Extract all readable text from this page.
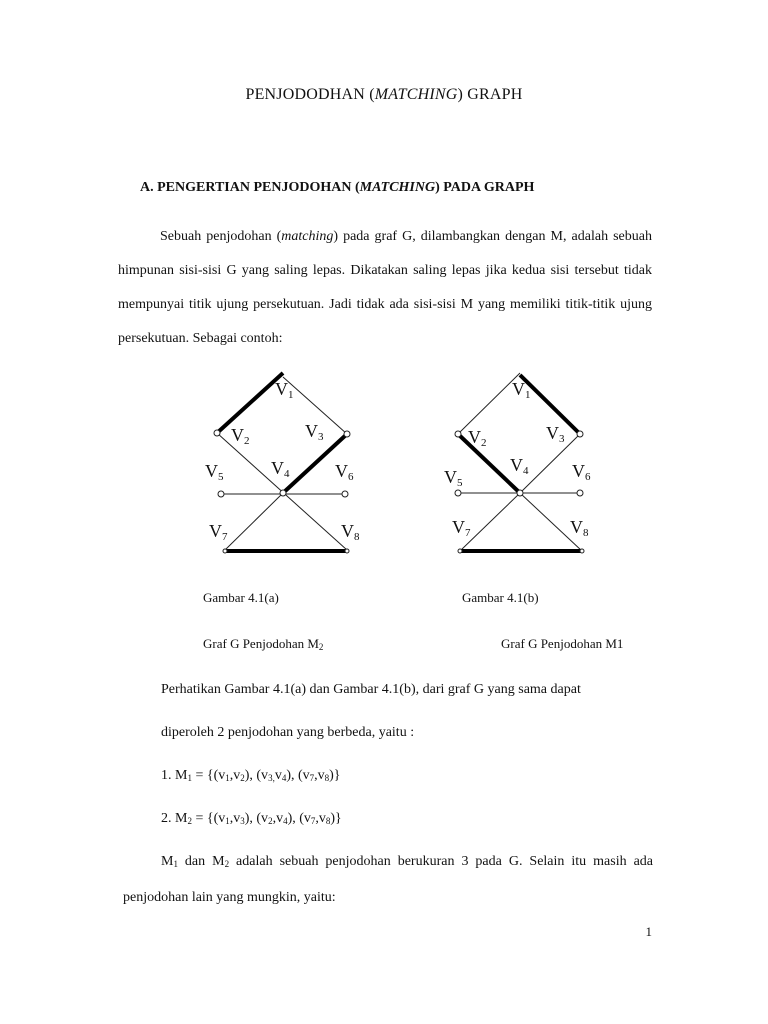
PENJODODHAN (MATCHING) GRAPH
A. PENGERTIAN PENJODOHAN (MATCHING) PADA GRAPH
Sebuah penjodohan (matching) pada graf G, dilambangkan dengan M, adalah sebuah himpunan sisi-sisi G yang saling lepas. Dikatakan saling lepas jika kedua sisi tersebut tidak mempunyai titik ujung persekutuan. Jadi tidak ada sisi-sisi M yang memiliki titik-titik ujung persekutuan. Sebagai contoh:
V1
V2	V3
V4
V5	V6
V7	V8
V1
V2	V3
V4
V5
V6
V7	V8
Gambar 4.1(a)	Gambar 4.1(b)
Graf G Penjodohan $M_2$	Graf G Penjodohan M1
Perhatikan Gambar 4.1(a) dan Gambar 4.1(b), dari graf G yang sama dapat
diperoleh 2 penjodohan yang berbeda, yaitu :
1. $M_1 = \{(v_1,v_2)$, $(v_{3,}v_4)$, $(v_7,v_8)$}
2. $M_2 = \{(v_1,v_3)$, $(v_2,v_4)$, $(v_7,v_8)$}
$M_1$ dan $M_2$ adalah sebuah penjodohan berukuran 3 pada G. Selain itu masih ada
penjodohan lain yang mungkin, yaitu:
1
